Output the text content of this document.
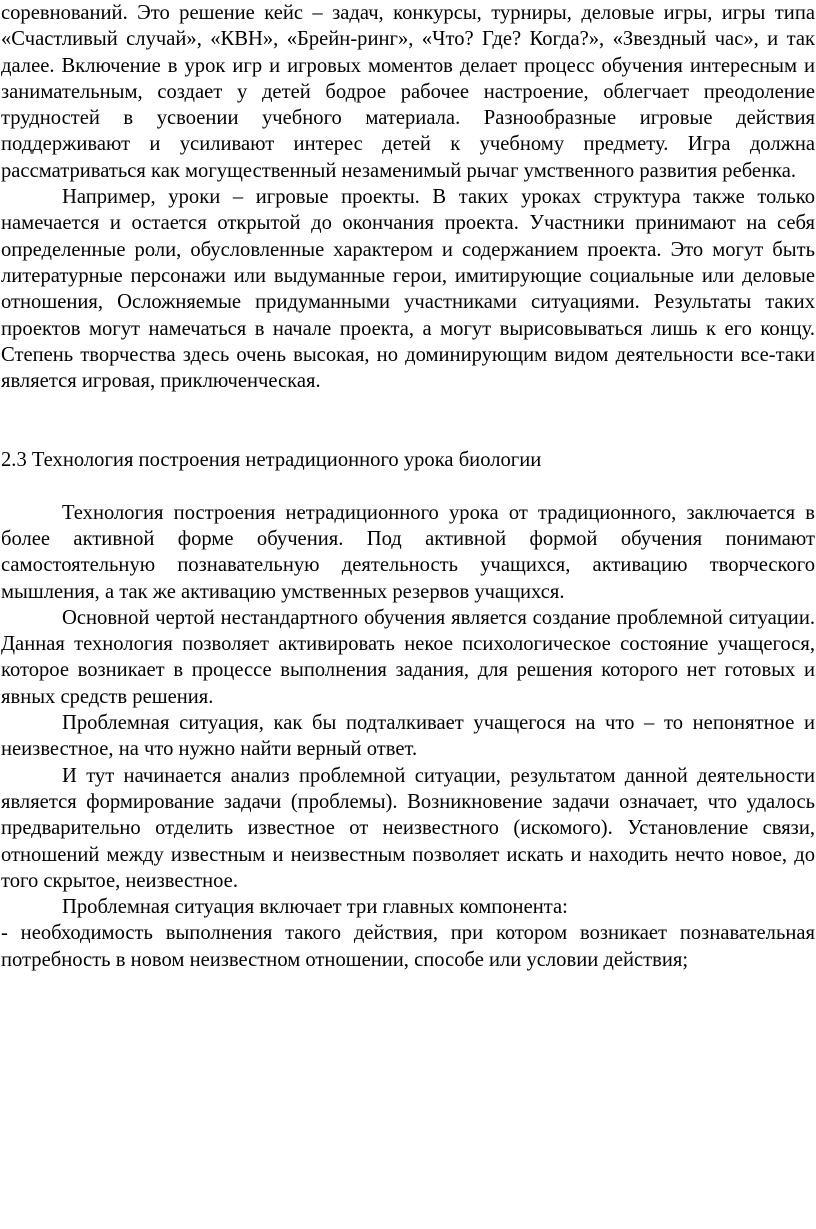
соревнований. Это решение кейс – задач, конкурсы, турниры, деловые игры, игры типа «Счастливый случай», «КВН», «Брейн-ринг», «Что? Где? Когда?», «Звездный час», и так далее. Включение в урок игр и игровых моментов делает процесс обучения интересным и занимательным, создает у детей бодрое рабочее настроение, облегчает преодоление трудностей в усвоении учебного материала. Разнообразные игровые действия поддерживают и усиливают интерес детей к учебному предмету. Игра должна рассматриваться как могущественный незаменимый рычаг умственного развития ребенка.

Например, уроки – игровые проекты. В таких уроках структура также только намечается и остается открытой до окончания проекта. Участники принимают на себя определенные роли, обусловленные характером и содержанием проекта. Это могут быть литературные персонажи или выдуманные герои, имитирующие социальные или деловые отношения, Осложняемые придуманными участниками ситуациями. Результаты таких проектов могут намечаться в начале проекта, а могут вырисовываться лишь к его концу. Степень творчества здесь очень высокая, но доминирующим видом деятельности все-таки является игровая, приключенческая.

2.3 Технология построения нетрадиционного урока биологии

Технология построения нетрадиционного урока от традиционного, заключается в более активной форме обучения. Под активной формой обучения понимают самостоятельную познавательную деятельность учащихся, активацию творческого мышления, а так же активацию умственных резервов учащихся.

Основной чертой нестандартного обучения является создание проблемной ситуации. Данная технология позволяет активировать некое психологическое состояние учащегося, которое возникает в процессе выполнения задания, для решения которого нет готовых и явных средств решения.

Проблемная ситуация, как бы подталкивает учащегося на что – то непонятное и неизвестное, на что нужно найти верный ответ.

И тут начинается анализ проблемной ситуации, результатом данной деятельности является формирование задачи (проблемы). Возникновение задачи означает, что удалось предварительно отделить известное от неизвестного (искомого). Установление связи, отношений между известным и неизвестным позволяет искать и находить нечто новое, до того скрытое, неизвестное.

Проблемная ситуация включает три главных компонента:

- необходимость выполнения такого действия, при котором возникает познавательная потребность в новом неизвестном отношении, способе или условии действия;
